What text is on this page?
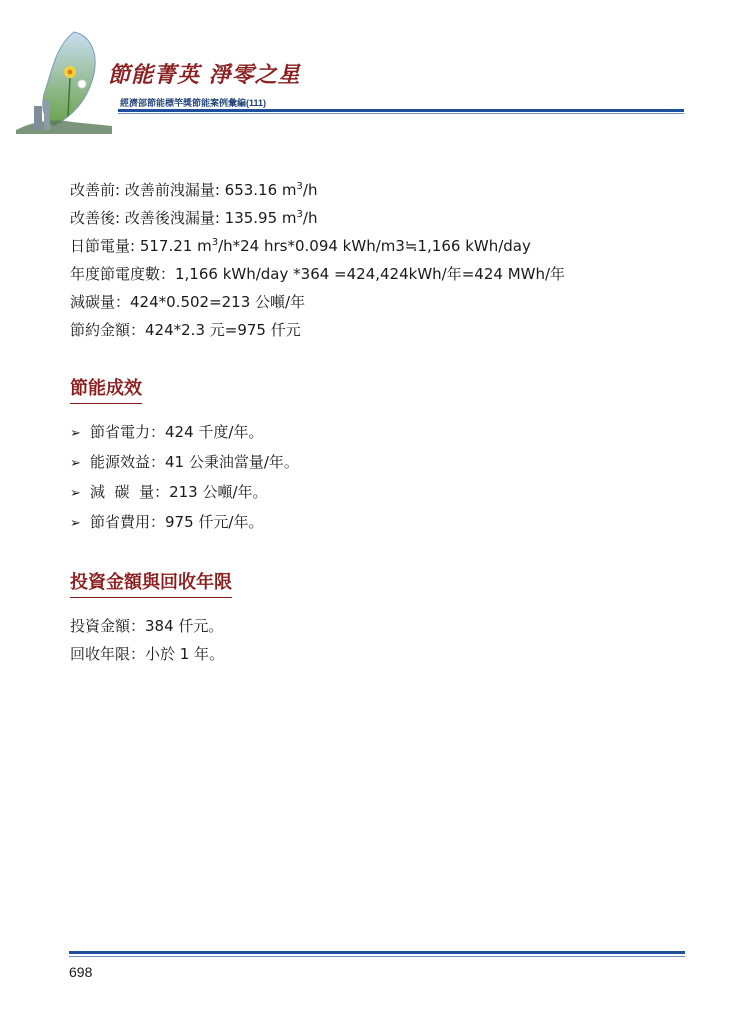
節能菁英 淨零之星
經濟部節能標竿獎節能案例彙編(111)
改善前: 改善前洩漏量: 653.16 $m^3/h$
改善後: 改善後洩漏量: 135.95 $m^3/h$
日節電量: 517.21 $m^3/h*24$ hrs*0.094 kWh/m3≒1,166 kWh/day
年度節電度數：1,166 kWh/day *364 =424,424kWh/年=424 MWh/年
減碳量：424*0.502=213 公噸/年
節約金額：424*2.3 元=975 仟元
節能成效
➢ 節省電力：424 千度/年。
➢ 能源效益：41 公秉油當量/年。
➢ 減  碳  量：213 公噸/年。
➢ 節省費用：975 仟元/年。
投資金額與回收年限
投資金額：384 仟元。
回收年限：小於 1 年。
698
